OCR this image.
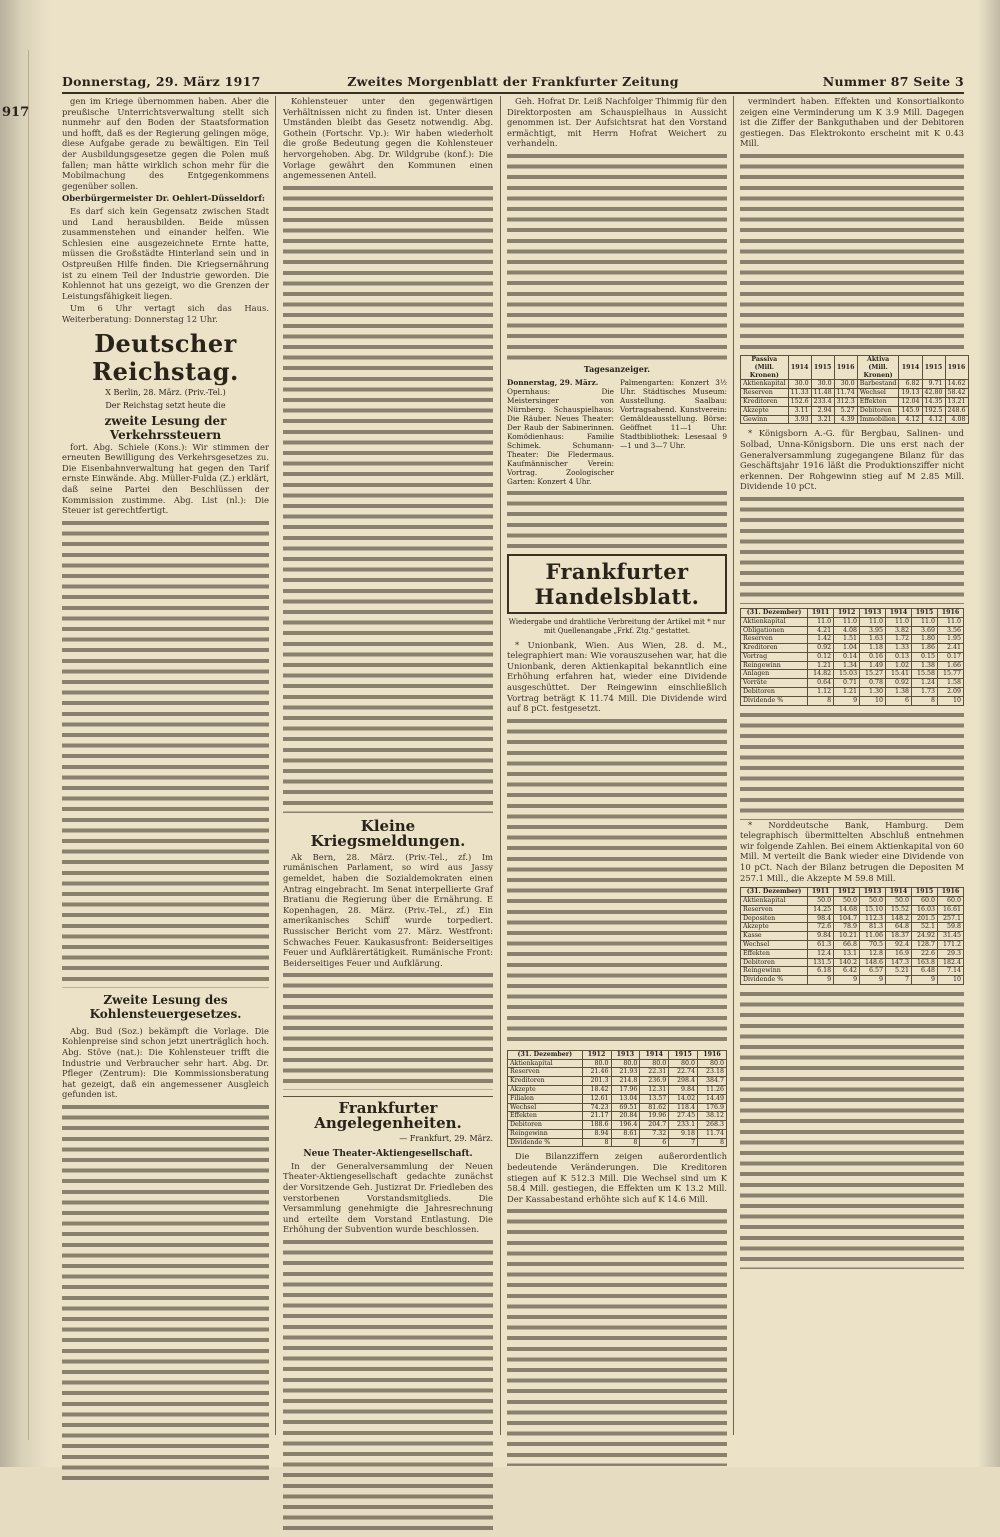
917
Donnerstag, 29. März 1917	Zweites Morgenblatt der Frankfurter Zeitung	Nummer 87 Seite 3

gen im Kriege übernommen haben. Aber die preußische Unterrichtsverwaltung stellt sich nunmehr auf den Boden der Staatsformation und hofft, daß es der Regierung gelingen möge, diese Aufgabe gerade zu bewältigen. Ein Teil der Ausbildungsgesetze gegen die Polen muß fallen; man hätte wirklich schon mehr für die Mobilmachung des Entgegenkommens gegenüber sollen.

Oberbürgermeister Dr. Oehlert-Düsseldorf:

Es darf sich kein Gegensatz zwischen Stadt und Land herausbilden. Beide müssen zusammenstehen und einander helfen. Wie Schlesien eine ausgezeichnete Ernte hatte, müssen die Großstädte Hinterland sein und in Ostpreußen Hilfe finden. Die Kriegsernährung ist zu einem Teil der Industrie geworden. Die Kohlennot hat uns gezeigt, wo die Grenzen der Leistungsfähigkeit liegen.

Um 6 Uhr vertagt sich das Haus. Weiterberatung: Donnerstag 12 Uhr.

Deutscher Reichstag.
X Berlin, 28. März. (Priv.-Tel.)
Der Reichstag setzt heute die
zweite Lesung der Verkehrssteuern

fort. Abg. Schiele (Kons.): Wir stimmen der erneuten Bewilligung des Verkehrsgesetzes zu. Die Eisenbahnverwaltung hat gegen den Tarif ernste Einwände. Abg. Müller-Fulda (Z.) erklärt, daß seine Partei den Beschlüssen der Kommission zustimme. Abg. List (nl.): Die Steuer ist gerechtfertigt.

Zweite Lesung des Kohlensteuergesetzes.

Abg. Bud (Soz.) bekämpft die Vorlage. Die Kohlenpreise sind schon jetzt unerträglich hoch. Abg. Stöve (nat.): Die Kohlensteuer trifft die Industrie und Verbraucher sehr hart. Abg. Dr. Pfleger (Zentrum): Die Kommissionsberatung hat gezeigt, daß ein angemessener Ausgleich gefunden ist.

Kohlensteuer unter den gegenwärtigen Verhältnissen nicht zu finden ist. Unter diesen Umständen bleibt das Gesetz notwendig. Abg. Gothein (Fortschr. Vp.): Wir haben wiederholt die große Bedeutung gegen die Kohlensteuer hervorgehoben. Abg. Dr. Wildgrube (konf.): Die Vorlage gewährt den Kommunen einen angemessenen Anteil.

Kleine Kriegsmeldungen.

Ak Bern, 28. März. (Priv.-Tel., zf.) Im rumänischen Parlament, so wird aus Jassy gemeldet, haben die Sozialdemokraten einen Antrag eingebracht. Im Senat interpellierte Graf Bratianu die Regierung über die Ernährung. E Kopenhagen, 28. März. (Priv.-Tel., zf.) Ein amerikanisches Schiff wurde torpediert. Russischer Bericht vom 27. März. Westfront: Schwaches Feuer. Kaukasusfront: Beiderseitiges Feuer und Aufklärertätigkeit. Rumänische Front: Beiderseitiges Feuer und Aufklärung.

Frankfurter Angelegenheiten.
— Frankfurt, 29. März.
Neue Theater-Aktiengesellschaft.

In der Generalversammlung der Neuen Theater-Aktiengesellschaft gedachte zunächst der Vorsitzende Geh. Justizrat Dr. Friedleben des verstorbenen Vorstandsmitglieds. Die Versammlung genehmigte die Jahresrechnung und erteilte dem Vorstand Entlastung. Die Erhöhung der Subvention wurde beschlossen.

Geh. Hofrat Dr. Leiß Nachfolger Thimmig für den Direktorposten am Schauspielhaus in Aussicht genommen ist. Der Aufsichtsrat hat den Vorstand ermächtigt, mit Herrn Hofrat Weichert zu verhandeln.

Tagesanzeiger.
Donnerstag, 29. März.
Opernhaus: Die Meistersinger von Nürnberg. Schauspielhaus: Die Räuber. Neues Theater: Der Raub der Sabinerinnen. Komödienhaus: Familie Schimek. Schumann-Theater: Die Fledermaus. Kaufmännischer Verein: Vortrag. Zoologischer Garten: Konzert 4 Uhr.
Palmengarten: Konzert 3½ Uhr. Städtisches Museum: Ausstellung. Saalbau: Vortragsabend. Kunstverein: Gemäldeausstellung. Börse: Geöffnet 11—1 Uhr. Stadtbibliothek: Lesesaal 9—1 und 3—7 Uhr.
Frankfurter Handelsblatt.
Wiedergabe und drahtliche Verbreitung der Artikel mit * nur mit Quellenangabe „Frkf. Ztg." gestattet.

* Unionbank, Wien. Aus Wien, 28. d. M., telegraphiert man: Wie vorauszusehen war, hat die Unionbank, deren Aktienkapital bekanntlich eine Erhöhung erfahren hat, wieder eine Dividende ausgeschüttet. Der Reingewinn einschließlich Vortrag beträgt K 11.74 Mill. Die Dividende wird auf 8 pCt. festgesetzt.

(31. Dezember)	1912	1913	1914	1915	1916
Aktienkapital	80.0	80.0	80.0	80.0	80.0
Reserven	21.46	21.93	22.31	22.74	23.18
Kreditoren	201.3	214.8	236.9	298.4	384.7
Akzepte	18.42	17.96	12.31	9.84	11.26
Filialen	12.61	13.04	13.57	14.02	14.49
Wechsel	74.23	69.51	81.62	118.4	176.9
Effekten	21.17	20.84	19.96	27.45	38.12
Debitoren	188.6	196.4	204.7	233.1	268.3
Reingewinn	8.94	8.61	7.32	9.18	11.74
Dividende %	8	8	6	7	8

Die Bilanzziffern zeigen außerordentlich bedeutende Veränderungen. Die Kreditoren stiegen auf K 512.3 Mill. Die Wechsel sind um K 58.4 Mill. gestiegen, die Effekten um K 13.2 Mill. Der Kassabestand erhöhte sich auf K 14.6 Mill.

vermindert haben. Effekten und Konsortialkonto zeigen eine Verminderung um K 3.9 Mill. Dagegen ist die Ziffer der Bankguthaben und der Debitoren gestiegen. Das Elektrokonto erscheint mit K 0.43 Mill.

Passiva (Mill. Kronen)	1914	1915	1916	Aktiva (Mill. Kronen)	1914	1915	1916
Aktienkapital	30.0	30.0	30.0	Barbestand	6.82	9.71	14.62
Reserven	11.33	11.48	11.74	Wechsel	19.13	42.80	58.42
Kreditoren	152.6	233.4	312.3	Effekten	12.04	14.35	13.21
Akzepte	3.11	2.94	5.27	Debitoren	145.9	192.5	248.6
Gewinn	3.93	3.21	4.39	Immobilien	4.12	4.12	4.08

* Königsborn A.-G. für Bergbau, Salinen- und Solbad, Unna-Königsborn. Die uns erst nach der Generalversammlung zugegangene Bilanz für das Geschäftsjahr 1916 läßt die Produktionsziffer nicht erkennen. Der Rohgewinn stieg auf M 2.85 Mill. Dividende 10 pCt.

(31. Dezember)	1911	1912	1913	1914	1915	1916
Aktienkapital	11.0	11.0	11.0	11.0	11.0	11.0
Obligationen	4.21	4.08	3.95	3.82	3.69	3.56
Reserven	1.42	1.51	1.63	1.72	1.80	1.95
Kreditoren	0.92	1.04	1.18	1.33	1.86	2.41
Vortrag	0.12	0.14	0.16	0.13	0.15	0.17
Reingewinn	1.21	1.34	1.49	1.02	1.38	1.66
Anlagen	14.82	15.03	15.27	15.41	15.58	15.77
Vorräte	0.64	0.71	0.78	0.92	1.24	1.58
Debitoren	1.12	1.21	1.30	1.38	1.73	2.09
Dividende %	8	9	10	6	8	10

* Norddeutsche Bank, Hamburg. Dem telegraphisch übermittelten Abschluß entnehmen wir folgende Zahlen. Bei einem Aktienkapital von 60 Mill. M verteilt die Bank wieder eine Dividende von 10 pCt. Nach der Bilanz betrugen die Depositen M 257.1 Mill., die Akzepte M 59.8 Mill.

(31. Dezember)	1911	1912	1913	1914	1915	1916
Aktienkapital	50.0	50.0	50.0	50.0	60.0	60.0
Reserven	14.25	14.68	15.10	15.52	16.03	16.61
Depositen	98.4	104.7	112.3	148.2	201.5	257.1
Akzepte	72.6	78.9	81.3	64.8	52.1	59.8
Kasse	9.84	10.21	11.06	18.37	24.92	31.45
Wechsel	61.3	66.8	70.5	92.4	128.7	171.2
Effekten	12.4	13.1	12.8	16.9	22.6	29.3
Debitoren	131.5	140.2	148.6	147.3	163.8	182.4
Reingewinn	6.18	6.42	6.57	5.21	6.48	7.14
Dividende %	9	9	9	7	9	10
